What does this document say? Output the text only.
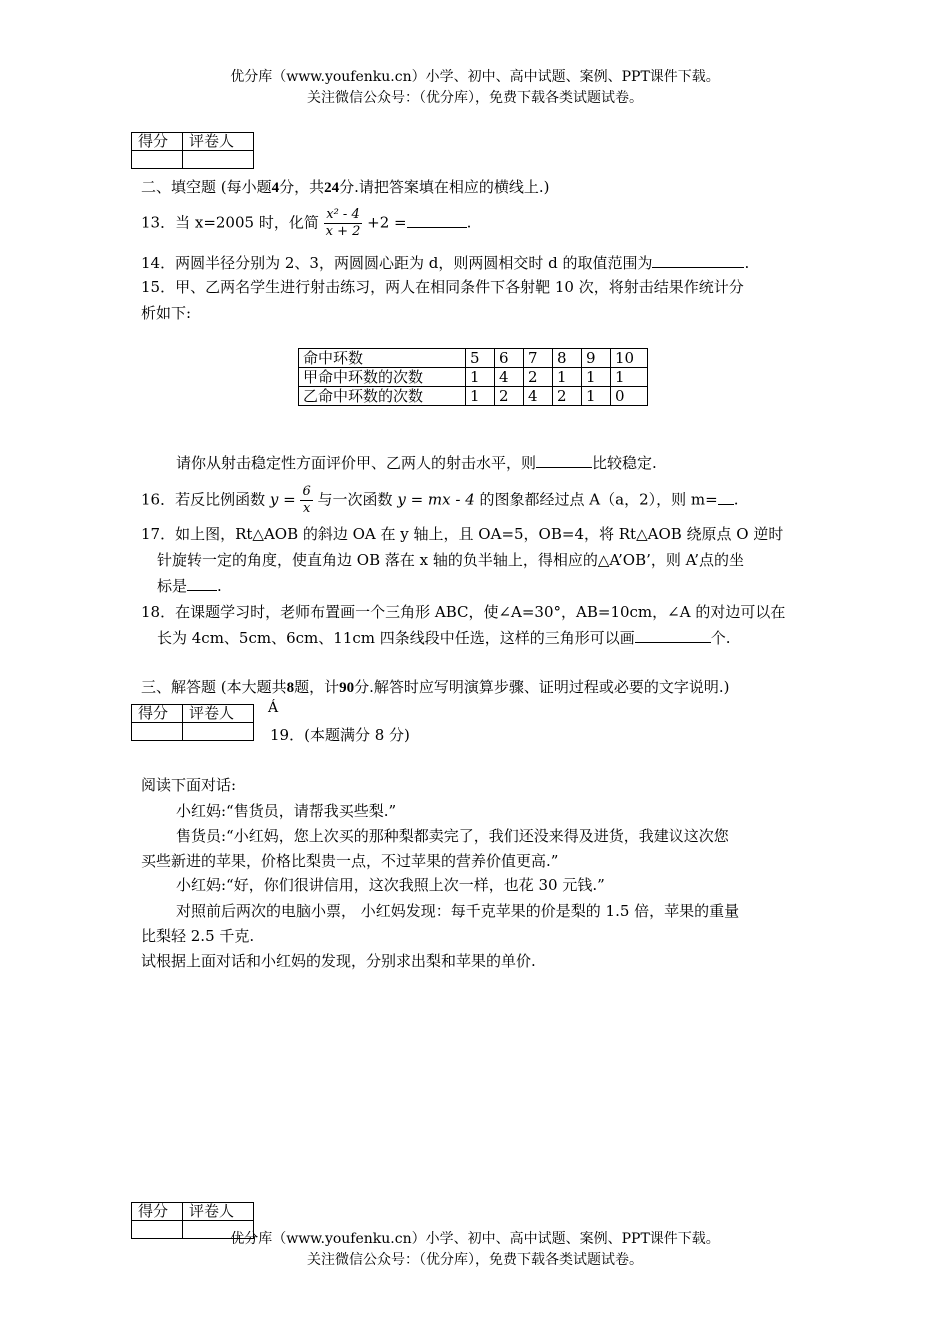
优分库（www.youfenku.cn）小学、初中、高中试题、案例、PPT课件下载。
关注微信公众号：（优分库），免费下载各类试题试卷。
得分	评卷人

二、填空题 (每小题4分，共24分.请把答案填在相应的横线上.)
13．当 x=2005 时，化简 $\frac{\text{x² - 4}}{x + 2} +2$ =	.
14．两圆半径分别为 2、3，两圆圆心距为 d，则两圆相交时 d 的取值范围为	.
15．甲、乙两名学生进行射击练习，两人在相同条件下各射靶 10 次，将射击结果作统计分
析如下:
命中环数	5	6	7	8	9	10
甲命中环数的次数	1	4	2	1	1	1
乙命中环数的次数	1	2	4	2	1	0
请你从射击稳定性方面评价甲、乙两人的射击水平，则	比较稳定.
16．若反比例函数 $y = \frac{6}{x}$ 与一次函数 y = mx - 4 的图象都经过点 A（a，2），则 m= .
17．如上图，Rt△AOB 的斜边 OA 在 y 轴上，且 OA=5，OB=4，将 Rt△AOB 绕原点 O 逆时
针旋转一定的角度，使直角边 OB 落在 x 轴的负半轴上，得相应的△A’OB’，则 A’点的坐
标是 .
18．在课题学习时，老师布置画一个三角形 ABC，使∠A=30°，AB=10cm，∠A 的对边可以在
长为 4cm、5cm、6cm、11cm 四条线段中任选，这样的三角形可以画	个.
三、解答题 (本大题共8题，计90分.解答时应写明演算步骤、证明过程或必要的文字说明.)
得分	评卷人
	Á
19．(本题满分 8 分)
阅读下面对话:
小红妈:“售货员，请帮我买些梨.”
售货员:“小红妈，您上次买的那种梨都卖完了，我们还没来得及进货，我建议这次您
买些新进的苹果，价格比梨贵一点，不过苹果的营养价值更高.”
小红妈:“好，你们很讲信用，这次我照上次一样，也花 30 元钱.”
对照前后两次的电脑小票， 小红妈发现：每千克苹果的价是梨的 1.5 倍，苹果的重量
比梨轻 2.5 千克.
试根据上面对话和小红妈的发现，分别求出梨和苹果的单价.
得分	评卷人

优分库（www.youfenku.cn）小学、初中、高中试题、案例、PPT课件下载。
关注微信公众号：（优分库），免费下载各类试题试卷。
